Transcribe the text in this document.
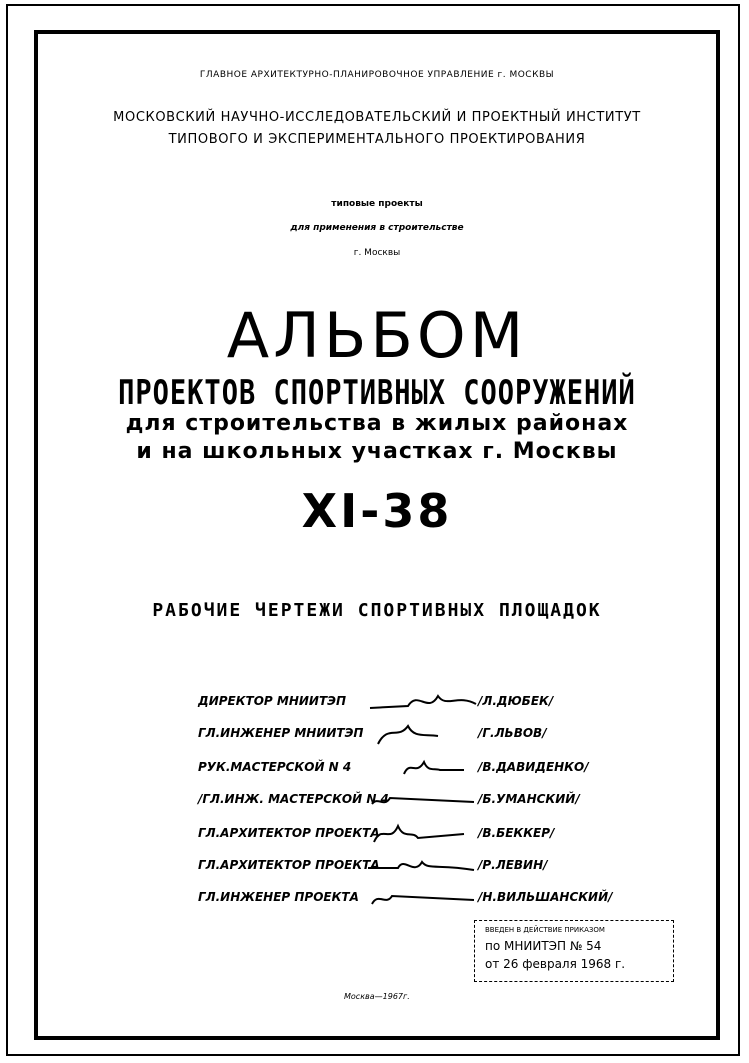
ГЛАВНОЕ АРХИТЕКТУРНО-ПЛАНИРОВОЧНОЕ УПРАВЛЕНИЕ г. МОСКВЫ
МОСКОВСКИЙ НАУЧНО-ИССЛЕДОВАТЕЛЬСКИЙ И ПРОЕКТНЫЙ ИНСТИТУТ
ТИПОВОГО И ЭКСПЕРИМЕНТАЛЬНОГО ПРОЕКТИРОВАНИЯ
типовые проекты
для применения в строительстве
г. Москвы
АЛЬБОМ
ПРОЕКТОВ СПОРТИВНЫХ СООРУЖЕНИЙ
для строительства в жилых районах
и на школьных участках г. Москвы
XI-38
РАБОЧИЕ ЧЕРТЕЖИ СПОРТИВНЫХ ПЛОЩАДОК
ДИРЕКТОР МНИИТЭП	/Л.ДЮБЕК/
ГЛ.ИНЖЕНЕР МНИИТЭП	/Г.ЛЬВОВ/
РУК.МАСТЕРСКОЙ N 4	/В.ДАВИДЕНКО/
/ГЛ.ИНЖ. МАСТЕРСКОЙ N 4	/Б.УМАНСКИЙ/
ГЛ.АРХИТЕКТОР ПРОЕКТА	/В.БЕККЕР/
ГЛ.АРХИТЕКТОР ПРОЕКТА	/Р.ЛЕВИН/
ГЛ.ИНЖЕНЕР ПРОЕКТА	/Н.ВИЛЬШАНСКИЙ/
ВВЕДЕН В ДЕЙСТВИЕ ПРИКАЗОМ
по МНИИТЭП № 54
от 26 февраля 1968 г.
Москва—1967г.
